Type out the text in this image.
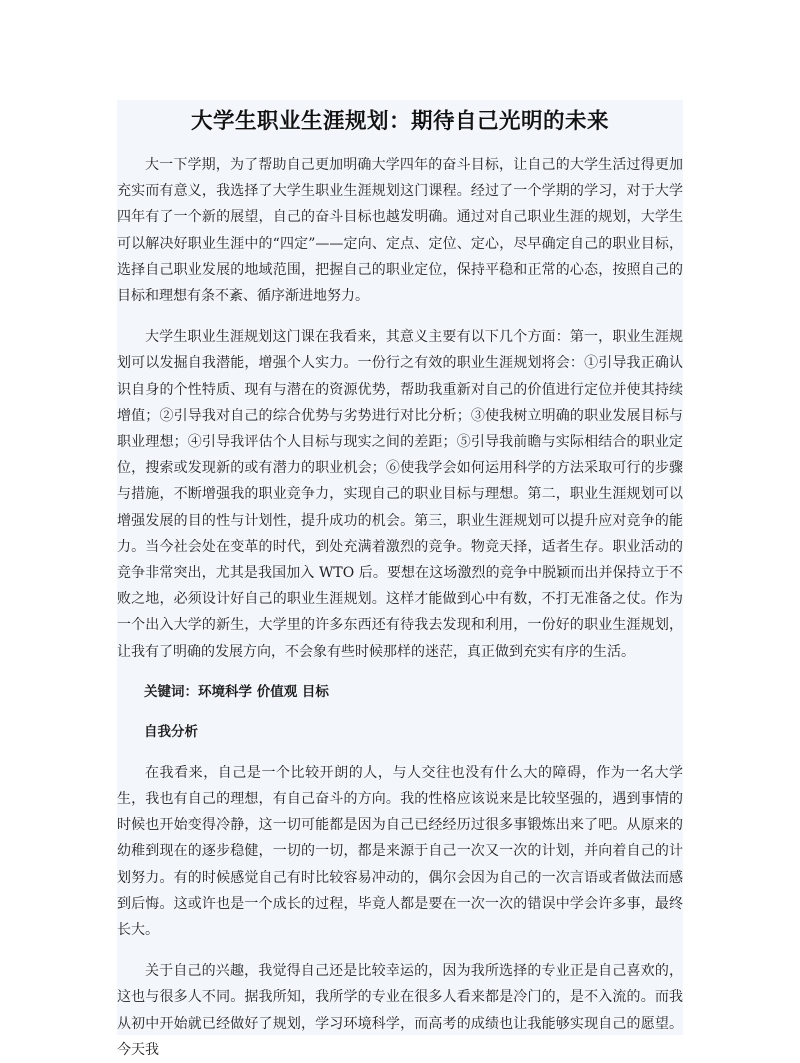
大学生职业生涯规划：期待自己光明的未来

大一下学期，为了帮助自己更加明确大学四年的奋斗目标，让自己的大学生活过得更加充实而有意义，我选择了大学生职业生涯规划这门课程。经过了一个学期的学习，对于大学四年有了一个新的展望，自己的奋斗目标也越发明确。通过对自己职业生涯的规划，大学生可以解决好职业生涯中的“四定”——定向、定点、定位、定心，尽早确定自己的职业目标，选择自己职业发展的地域范围，把握自己的职业定位，保持平稳和正常的心态，按照自己的目标和理想有条不紊、循序渐进地努力。

大学生职业生涯规划这门课在我看来，其意义主要有以下几个方面：第一，职业生涯规划可以发掘自我潜能，增强个人实力。一份行之有效的职业生涯规划将会：①引导我正确认识自身的个性特质、现有与潜在的资源优势，帮助我重新对自己的价值进行定位并使其持续增值；②引导我对自己的综合优势与劣势进行对比分析；③使我树立明确的职业发展目标与职业理想；④引导我评估个人目标与现实之间的差距；⑤引导我前瞻与实际相结合的职业定位，搜索或发现新的或有潜力的职业机会；⑥使我学会如何运用科学的方法采取可行的步骤与措施，不断增强我的职业竞争力，实现自己的职业目标与理想。第二，职业生涯规划可以增强发展的目的性与计划性，提升成功的机会。第三，职业生涯规划可以提升应对竞争的能力。当今社会处在变革的时代，到处充满着激烈的竞争。物竞天择，适者生存。职业活动的竞争非常突出，尤其是我国加入 WTO 后。要想在这场激烈的竞争中脱颖而出并保持立于不败之地，必须设计好自己的职业生涯规划。这样才能做到心中有数，不打无准备之仗。作为一个出入大学的新生，大学里的许多东西还有待我去发现和利用，一份好的职业生涯规划，让我有了明确的发展方向，不会象有些时候那样的迷茫，真正做到充实有序的生活。

关键词：环境科学 价值观 目标
自我分析

在我看来，自己是一个比较开朗的人，与人交往也没有什么大的障碍，作为一名大学生，我也有自己的理想，有自己奋斗的方向。我的性格应该说来是比较坚强的，遇到事情的时候也开始变得冷静，这一切可能都是因为自己已经经历过很多事锻炼出来了吧。从原来的幼稚到现在的逐步稳健，一切的一切，都是来源于自己一次又一次的计划，并向着自己的计划努力。有的时候感觉自己有时比较容易冲动的，偶尔会因为自己的一次言语或者做法而感到后悔。这或许也是一个成长的过程，毕竟人都是要在一次一次的错误中学会许多事，最终长大。

关于自己的兴趣，我觉得自己还是比较幸运的，因为我所选择的专业正是自己喜欢的，这也与很多人不同。据我所知，我所学的专业在很多人看来都是冷门的，是不入流的。而我从初中开始就已经做好了规划，学习环境科学，而高考的成绩也让我能够实现自己的愿望。今天我
